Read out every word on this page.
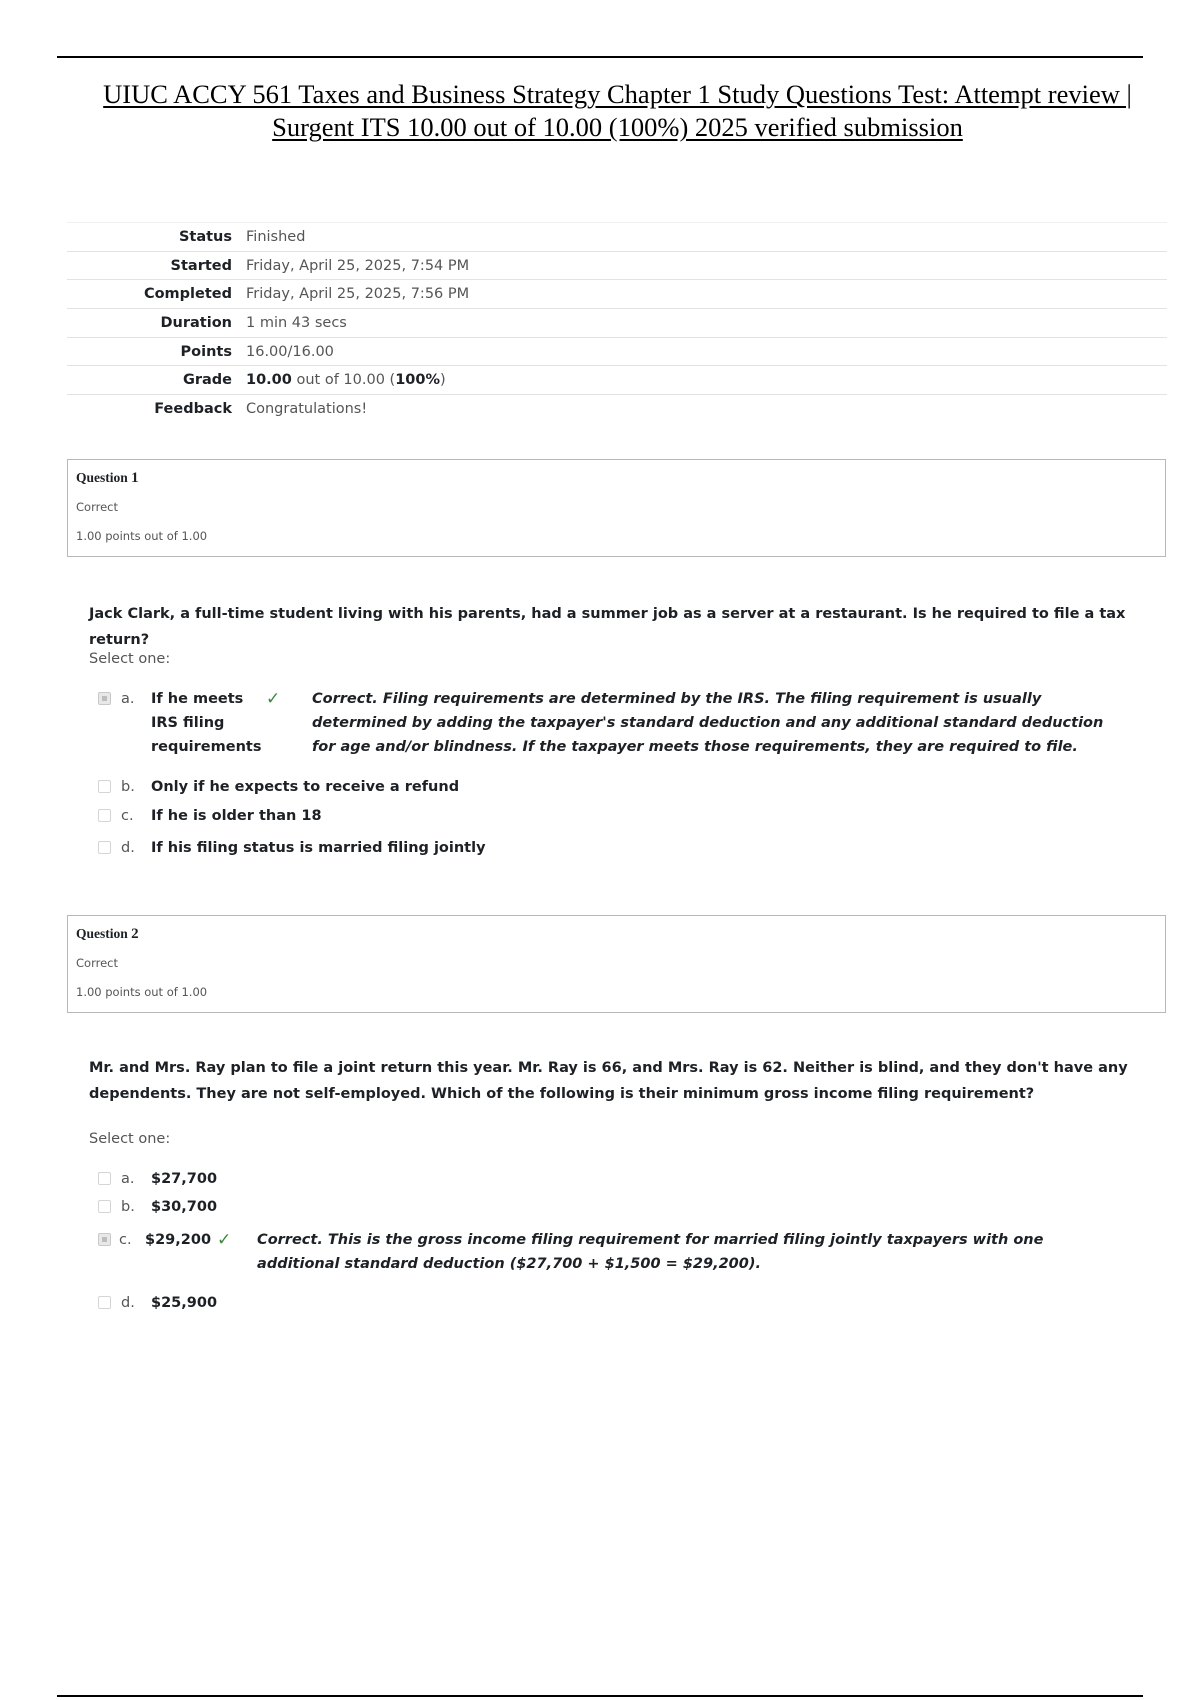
UIUC ACCY 561 Taxes and Business Strategy Chapter 1 Study Questions Test: Attempt review |
Surgent ITS 10.00 out of 10.00 (100%) 2025 verified submission
Status	Finished
Started	Friday, April 25, 2025, 7:54 PM
Completed	Friday, April 25, 2025, 7:56 PM
Duration	1 min 43 secs
Points	16.00/16.00
Grade	10.00 out of 10.00 (100%)
Feedback	Congratulations!
Question 1
Correct
1.00 points out of 1.00

Jack Clark, a full-time student living with his parents, had a summer job as a server at a restaurant. Is he required to file a tax return?

Select one:
a.	If he meets IRS filing requirements
✓	Correct. Filing requirements are determined by the IRS. The filing requirement is usually determined by adding the taxpayer's standard deduction and any additional standard deduction for age and/or blindness. If the taxpayer meets those requirements, they are required to file.
b.	Only if he expects to receive a refund
c.	If he is older than 18
d.	If his filing status is married filing jointly
Question 2
Correct
1.00 points out of 1.00

Mr. and Mrs. Ray plan to file a joint return this year. Mr. Ray is 66, and Mrs. Ray is 62. Neither is blind, and they don't have any dependents. They are not self-employed. Which of the following is their minimum gross income filing requirement?

Select one:
a.	$27,700
b.	$30,700
c. $29,200 ✓	Correct. This is the gross income filing requirement for married filing jointly taxpayers with one additional standard deduction ($27,700 + $1,500 = $29,200).
d.	$25,900
